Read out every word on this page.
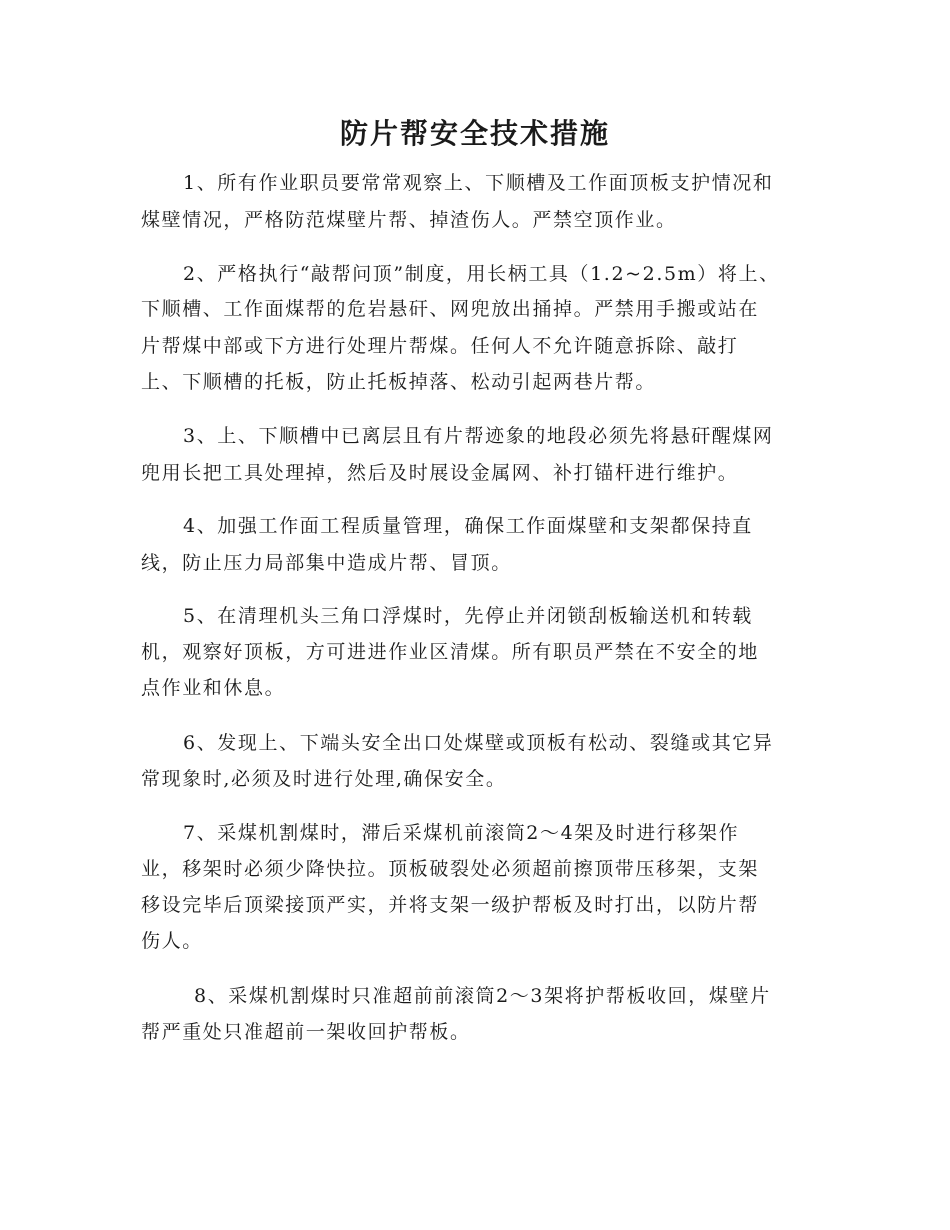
防片帮安全技术措施

1、所有作业职员要常常观察上、下顺槽及工作面顶板支护情况和

煤壁情况，严格防范煤壁片帮、掉渣伤人。严禁空顶作业。

2、严格执行“敲帮问顶”制度，用长柄工具（1.2~2.5m）将上、

下顺槽、工作面煤帮的危岩悬矸、网兜放出捅掉。严禁用手搬或站在

片帮煤中部或下方进行处理片帮煤。任何人不允许随意拆除、敲打

上、下顺槽的托板，防止托板掉落、松动引起两巷片帮。

3、上、下顺槽中已离层且有片帮迹象的地段必须先将悬矸醒煤网

兜用长把工具处理掉，然后及时展设金属网、补打锚杆进行维护。

4、加强工作面工程质量管理，确保工作面煤壁和支架都保持直

线，防止压力局部集中造成片帮、冒顶。

5、在清理机头三角口浮煤时，先停止并闭锁刮板输送机和转载

机，观察好顶板，方可进进作业区清煤。所有职员严禁在不安全的地

点作业和休息。

6、发现上、下端头安全出口处煤壁或顶板有松动、裂缝或其它异

常现象时,必须及时进行处理,确保安全。

7、采煤机割煤时，滞后采煤机前滚筒2～4架及时进行移架作

业，移架时必须少降快拉。顶板破裂处必须超前擦顶带压移架，支架

移设完毕后顶梁接顶严实，并将支架一级护帮板及时打出，以防片帮

伤人。

8、采煤机割煤时只准超前前滚筒2～3架将护帮板收回，煤壁片

帮严重处只准超前一架收回护帮板。
